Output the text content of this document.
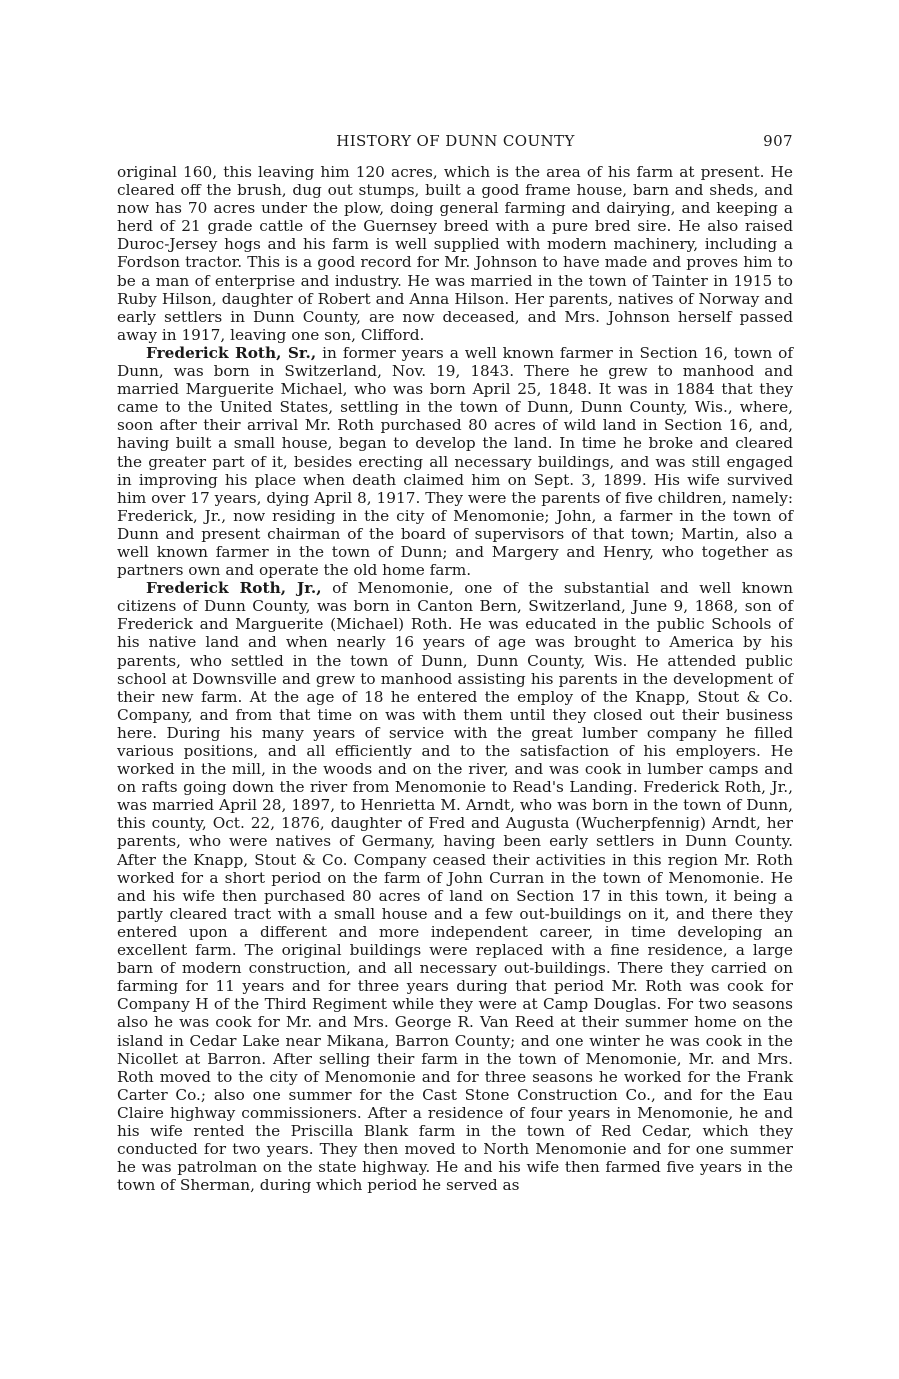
HISTORY OF DUNN COUNTY	907

original 160, this leaving him 120 acres, which is the area of his farm at present. He cleared off the brush, dug out stumps, built a good frame house, barn and sheds, and now has 70 acres under the plow, doing general farming and dairying, and keeping a herd of 21 grade cattle of the Guernsey breed with a pure bred sire. He also raised Duroc-Jersey hogs and his farm is well supplied with modern machinery, including a Fordson tractor. This is a good record for Mr. Johnson to have made and proves him to be a man of enterprise and industry. He was married in the town of Tainter in 1915 to Ruby Hilson, daughter of Robert and Anna Hilson. Her parents, natives of Norway and early settlers in Dunn County, are now deceased, and Mrs. Johnson herself passed away in 1917, leaving one son, Clifford.

Frederick Roth, Sr., in former years a well known farmer in Section 16, town of Dunn, was born in Switzerland, Nov. 19, 1843. There he grew to manhood and married Marguerite Michael, who was born April 25, 1848. It was in 1884 that they came to the United States, settling in the town of Dunn, Dunn County, Wis., where, soon after their arrival Mr. Roth purchased 80 acres of wild land in Section 16, and, having built a small house, began to develop the land. In time he broke and cleared the greater part of it, besides erecting all necessary buildings, and was still engaged in improving his place when death claimed him on Sept. 3, 1899. His wife survived him over 17 years, dying April 8, 1917. They were the parents of five children, namely: Frederick, Jr., now residing in the city of Menomonie; John, a farmer in the town of Dunn and present chairman of the board of supervisors of that town; Martin, also a well known farmer in the town of Dunn; and Margery and Henry, who together as partners own and operate the old home farm.

Frederick Roth, Jr., of Menomonie, one of the substantial and well known citizens of Dunn County, was born in Canton Bern, Switzerland, June 9, 1868, son of Frederick and Marguerite (Michael) Roth. He was educated in the public Schools of his native land and when nearly 16 years of age was brought to America by his parents, who settled in the town of Dunn, Dunn County, Wis. He attended public school at Downsville and grew to manhood assisting his parents in the development of their new farm. At the age of 18 he entered the employ of the Knapp, Stout & Co. Company, and from that time on was with them until they closed out their business here. During his many years of service with the great lumber company he filled various positions, and all efficiently and to the satisfaction of his employers. He worked in the mill, in the woods and on the river, and was cook in lumber camps and on rafts going down the river from Menomonie to Read's Landing. Frederick Roth, Jr., was married April 28, 1897, to Henrietta M. Arndt, who was born in the town of Dunn, this county, Oct. 22, 1876, daughter of Fred and Augusta (Wucherpfennig) Arndt, her parents, who were natives of Germany, having been early settlers in Dunn County. After the Knapp, Stout & Co. Company ceased their activities in this region Mr. Roth worked for a short period on the farm of John Curran in the town of Menomonie. He and his wife then purchased 80 acres of land on Section 17 in this town, it being a partly cleared tract with a small house and a few out-buildings on it, and there they entered upon a different and more independent career, in time developing an excellent farm. The original buildings were replaced with a fine residence, a large barn of modern construction, and all necessary out-buildings. There they carried on farming for 11 years and for three years during that period Mr. Roth was cook for Company H of the Third Regiment while they were at Camp Douglas. For two seasons also he was cook for Mr. and Mrs. George R. Van Reed at their summer home on the island in Cedar Lake near Mikana, Barron County; and one winter he was cook in the Nicollet at Barron. After selling their farm in the town of Menomonie, Mr. and Mrs. Roth moved to the city of Menomonie and for three seasons he worked for the Frank Carter Co.; also one summer for the Cast Stone Construction Co., and for the Eau Claire highway commissioners. After a residence of four years in Menomonie, he and his wife rented the Priscilla Blank farm in the town of Red Cedar, which they conducted for two years. They then moved to North Menomonie and for one summer he was patrolman on the state highway. He and his wife then farmed five years in the town of Sherman, during which period he served as
